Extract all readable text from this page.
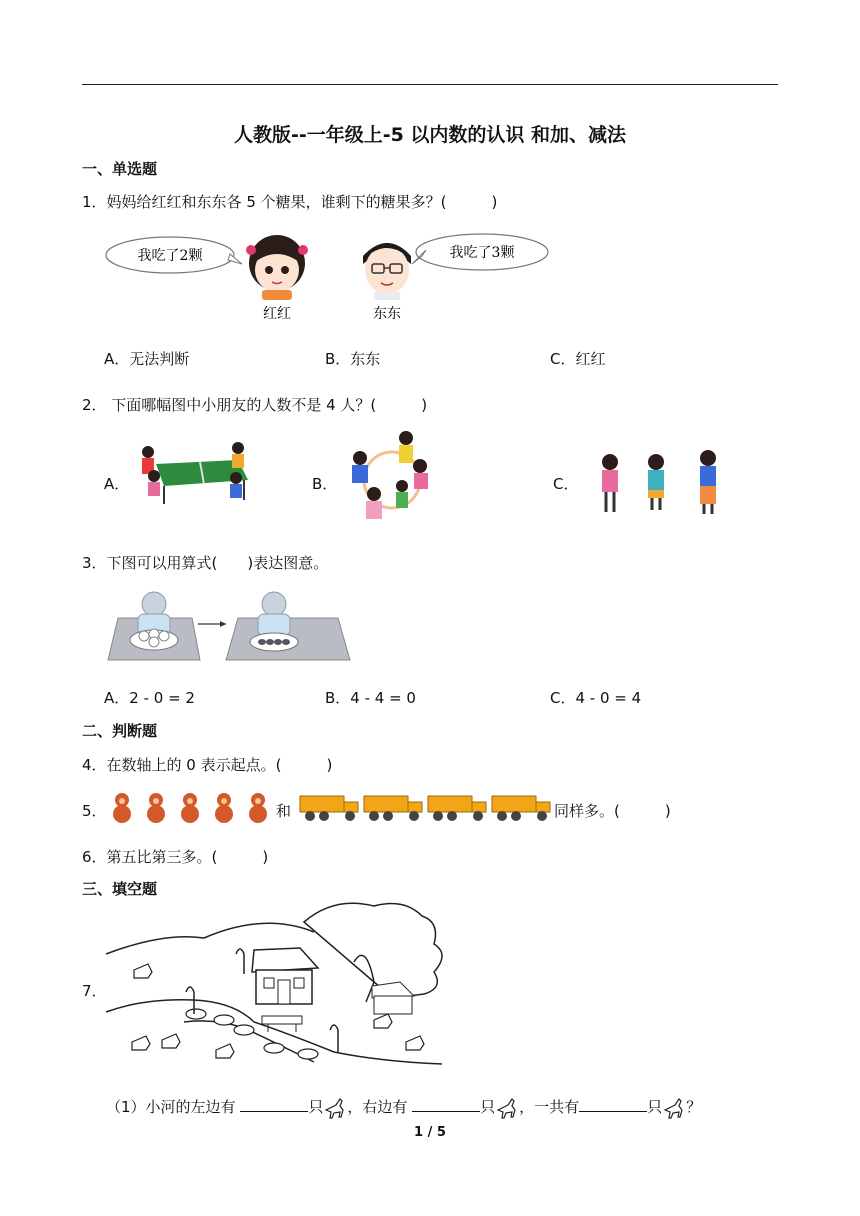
人教版--一年级上-5 以内数的认识 和加、减法
一、单选题
1．妈妈给红红和东东各 5 个糖果，谁剩下的糖果多？(　　　)
我吃了2颗
红红	东东
我吃了3颗
A．无法判断	B．东东	C．红红
2． 下面哪幅图中小朋友的人数不是 4 人？(　　　)
A．	B．	C．
3．下图可以用算式(　　)表达图意。
A．2 - 0 = 2	B．4 - 4 = 0	C．4 - 0 = 4
二、判断题
4．在数轴上的 0 表示起点。(　　　)
5．	和	同样多。(　　　)
6．第五比第三多。(　　　)
三、填空题
7．
（1）小河的左边有	只 ，右边有	只 ，一共有	只 ？
1 / 5
